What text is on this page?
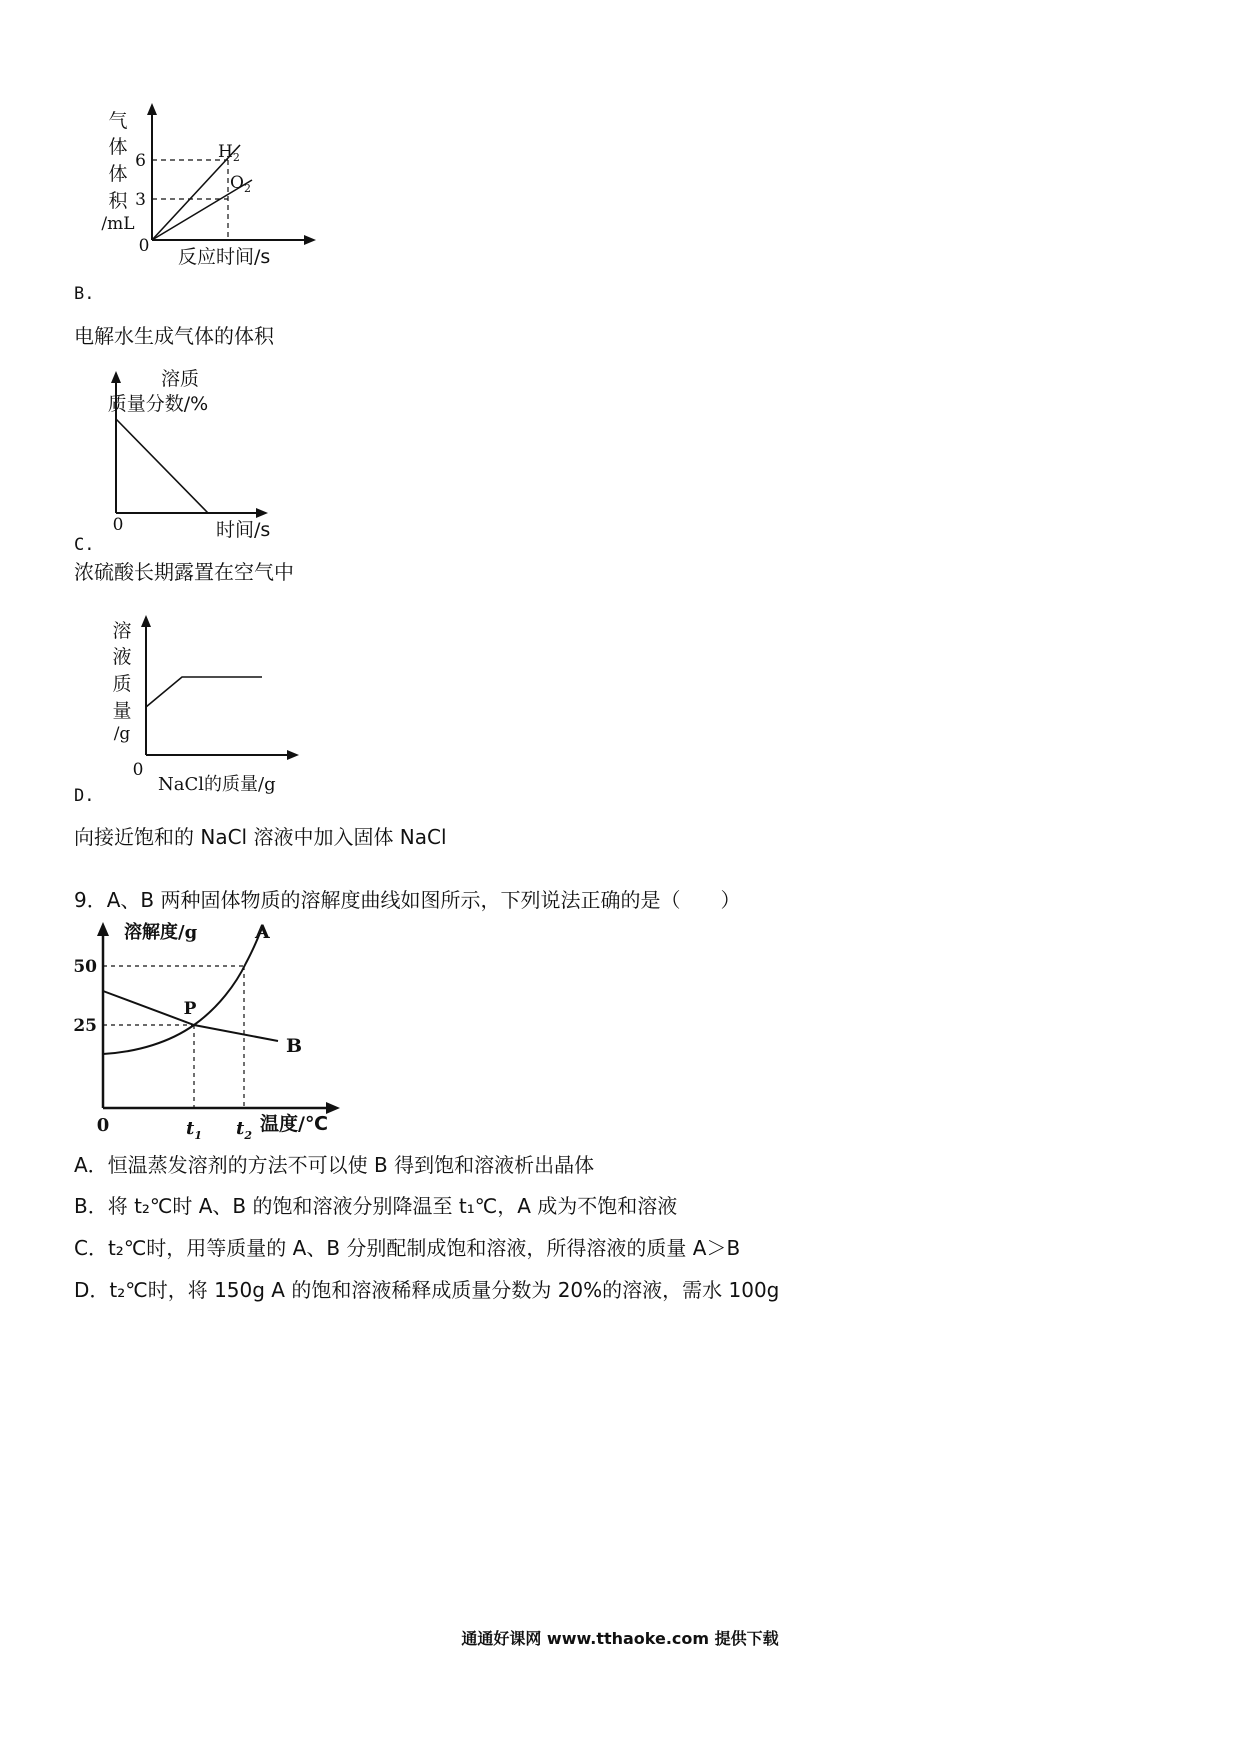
气
体
体
积
/mL
6
3
0
$H_2$
$O_2$
反应时间/s
B.
电解水生成气体的体积
溶质
质量分数/%
0	时间/s
C.
浓硫酸长期露置在空气中
溶
液
质
量
/g
0
NaCl的质量/g
D.
向接近饱和的 NaCl 溶液中加入固体 NaCl
9．A、B 两种固体物质的溶解度曲线如图所示，下列说法正确的是（　　）
溶解度/g	A
B
50
25
0
P
$t_1$ $t_2$
温度/℃
A．恒温蒸发溶剂的方法不可以使 B 得到饱和溶液析出晶体
B．将 t₂℃时 A、B 的饱和溶液分别降温至 t₁℃，A 成为不饱和溶液
C．t₂℃时，用等质量的 A、B 分别配制成饱和溶液，所得溶液的质量 A＞B
D．t₂℃时，将 150g A 的饱和溶液稀释成质量分数为 20%的溶液，需水 100g
通通好课网 www.tthaoke.com 提供下载
